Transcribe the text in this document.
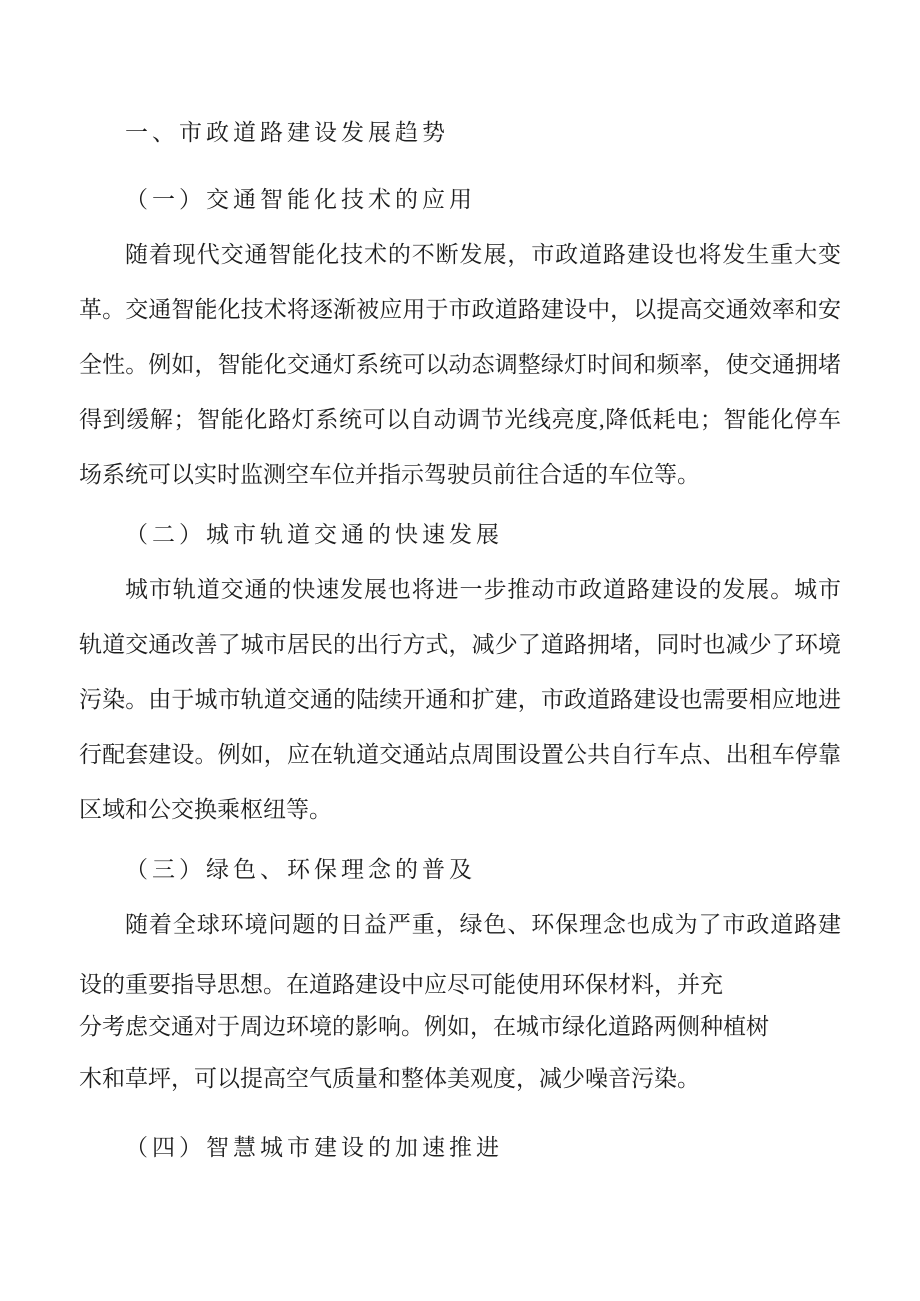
一、市政道路建设发展趋势
（一）交通智能化技术的应用
随着现代交通智能化技术的不断发展，市政道路建设也将发生重大变
革。交通智能化技术将逐渐被应用于市政道路建设中，以提高交通效率和安
全性。例如，智能化交通灯系统可以动态调整绿灯时间和频率，使交通拥堵
得到缓解；智能化路灯系统可以自动调节光线亮度,降低耗电；智能化停车
场系统可以实时监测空车位并指示驾驶员前往合适的车位等。
（二）城市轨道交通的快速发展
城市轨道交通的快速发展也将进一步推动市政道路建设的发展。城市
轨道交通改善了城市居民的出行方式，减少了道路拥堵，同时也减少了环境
污染。由于城市轨道交通的陆续开通和扩建，市政道路建设也需要相应地进
行配套建设。例如，应在轨道交通站点周围设置公共自行车点、出租车停靠
区域和公交换乘枢纽等。
（三）绿色、环保理念的普及
随着全球环境问题的日益严重，绿色、环保理念也成为了市政道路建
设的重要指导思想。在道路建设中应尽可能使用环保材料，并充
分考虑交通对于周边环境的影响。例如，在城市绿化道路两侧种植树
木和草坪，可以提高空气质量和整体美观度，减少噪音污染。
（四）智慧城市建设的加速推进
